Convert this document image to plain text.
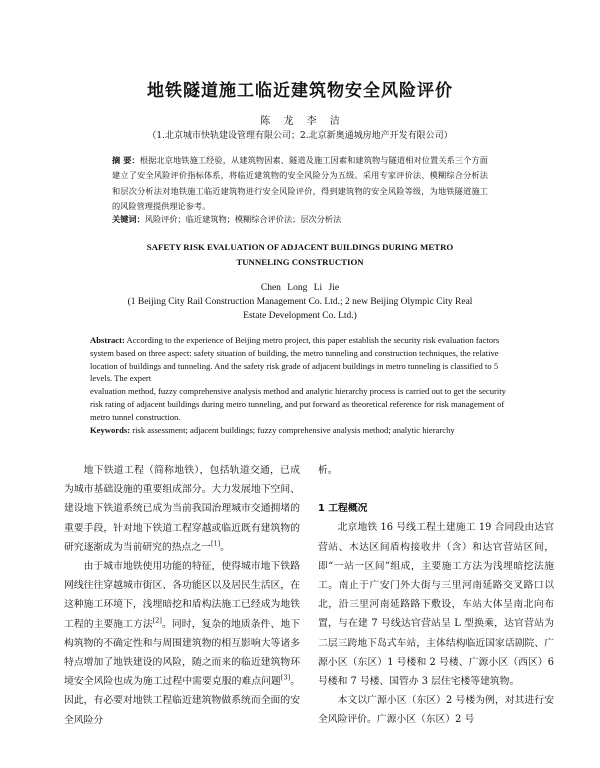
地铁隧道施工临近建筑物安全风险评价
陈 龙 李 洁
（1.北京城市快轨建设管理有限公司；2.北京新奥通城房地产开发有限公司）
摘 要：根据北京地铁施工经验，从建筑物因素、隧道及施工因素和建筑物与隧道相对位置关系三个方面建立了安全风险评价指标体系，将临近建筑物的安全风险分为五级。采用专家评价法、模糊综合分析法和层次分析法对地铁施工临近建筑物进行安全风险评价，得到建筑物的安全风险等级，为地铁隧道施工的风险管理提供理论参考。
关键词：风险评价；临近建筑物；模糊综合评价法；层次分析法
SAFETY RISK EVALUATION OF ADJACENT BUILDINGS DURING METRO TUNNELING CONSTRUCTION
Chen Long Li Jie
(1 Beijing City Rail Construction Management Co. Ltd.; 2 new Beijing Olympic City Real Estate Development Co. Ltd.)
Abstract: According to the experience of Beijing metro project, this paper establish the security risk evaluation factors system based on three aspect: safety situation of building, the metro tunneling and construction techniques, the relative location of buildings and tunneling. And the safety risk grade of adjacent buildings in metro tunneling is classified to 5 levels. The expert
evaluation method, fuzzy comprehensive analysis method and analytic hierarchy process is carried out to get the security risk rating of adjacent buildings during metro tunneling, and put forward as theoretical reference for risk management of metro tunnel construction.
Keywords: risk assessment; adjacent buildings; fuzzy comprehensive analysis method; analytic hierarchy

地下铁道工程（简称地铁），包括轨道交通，已成为城市基础设施的重要组成部分。大力发展地下空间、建设地下铁道系统已成为当前我国治理城市交通拥堵的重要手段，针对地下铁道工程穿越或临近既有建筑物的研究逐渐成为当前研究的热点之一[1]。

由于城市地铁使用功能的特征，使得城市地下铁路网线往往穿越城市街区、各功能区以及居民生活区，在这种施工环境下，浅埋暗挖和盾构法施工已经成为地铁工程的主要施工方法[2]。同时，复杂的地质条件、地下构筑物的不确定性和与周围建筑物的相互影响大等诸多特点增加了地铁建设的风险，随之而来的临近建筑物环境安全风险也成为施工过程中需要克服的难点问题[3]。因此，有必要对地铁工程临近建筑物做系统而全面的安全风险分

析。

1 工程概况

北京地铁 16 号线工程土建施工 19 合同段由达官营站、木达区间盾构接收井（含）和达官营站区间，即“一站一区间”组成，主要施工方法为浅埋暗挖法施工。南止于广安门外大街与三里河南延路交叉路口以北，沿三里河南延路路下敷设，车站大体呈南北向布置，与在建 7 号线达官营站呈 L 型换乘，达官营站为二层三跨地下岛式车站，主体结构临近国家话剧院、广源小区（东区）1 号楼和 2 号楼、广源小区（西区）6 号楼和 7 号楼、国管办 3 层住宅楼等建筑物。

本文以广源小区（东区）2 号楼为例，对其进行安全风险评价。广源小区（东区）2 号
